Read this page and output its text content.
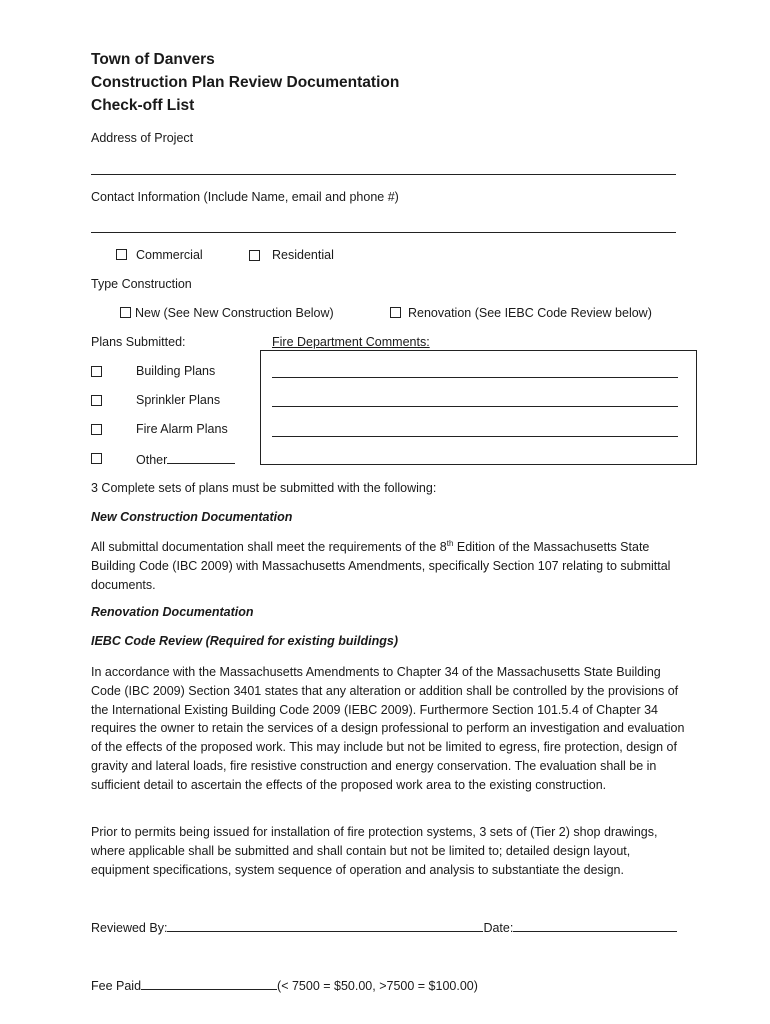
Town of Danvers
Construction Plan Review Documentation
Check-off List
Address of Project
Contact Information (Include Name, email and phone #)
Commercial	Residential
Type Construction
New (See New Construction Below)	Renovation (See IEBC Code Review below)
Plans Submitted:	Fire Department Comments:
Building Plans
Sprinkler Plans
Fire Alarm Plans
Other
3 Complete sets of plans must be submitted with the following:
New Construction Documentation
All submittal documentation shall meet the requirements of the 8th Edition of the Massachusetts State Building Code (IBC 2009) with Massachusetts Amendments, specifically Section 107 relating to submittal documents.
Renovation Documentation
IEBC Code Review (Required for existing buildings)
In accordance with the Massachusetts Amendments to Chapter 34 of the Massachusetts State Building Code (IBC 2009) Section 3401 states that any alteration or addition shall be controlled by the provisions of the International Existing Building Code 2009 (IEBC 2009). Furthermore Section 101.5.4 of Chapter 34 requires the owner to retain the services of a design professional to perform an investigation and evaluation of the effects of the proposed work. This may include but not be limited to egress, fire protection, design of gravity and lateral loads, fire resistive construction and energy conservation. The evaluation shall be in sufficient detail to ascertain the effects of the proposed work area to the existing construction.
Prior to permits being issued for installation of fire protection systems, 3 sets of (Tier 2) shop drawings, where applicable shall be submitted and shall contain but not be limited to; detailed design layout, equipment specifications, system sequence of operation and analysis to substantiate the design.
Reviewed By:	Date:
Fee Paid	(< 7500 = $50.00, >7500 = $100.00)
